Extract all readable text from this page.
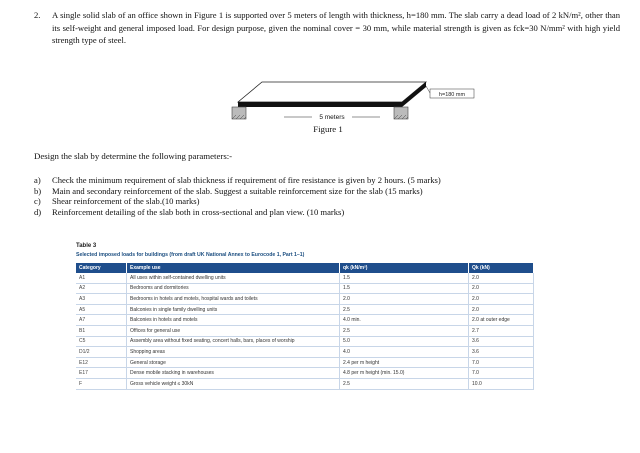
2. A single solid slab of an office shown in Figure 1 is supported over 5 meters of length with thickness, h=180 mm. The slab carry a dead load of 2 kN/m², other than its self-weight and general imposed load. For design purpose, given the nominal cover = 30 mm, while material strength is given as fck=30 N/mm² with high yield strength type of steel.
h=180 mm
5 meters
Figure 1
Design the slab by determine the following parameters:-
a) Check the minimum requirement of slab thickness if requirement of fire resistance is given by 2 hours. (5 marks)
b) Main and secondary reinforcement of the slab. Suggest a suitable reinforcement size for the slab (15 marks)
c) Shear reinforcement of the slab.(10 marks)
d) Reinforcement detailing of the slab both in cross-sectional and plan view. (10 marks)
Table 3
Selected imposed loads for buildings (from draft UK National Annex to Eurocode 1, Part 1–1)
Category	Example use	qk (kN/m²)	Qk (kN)
A1	All uses within self-contained dwelling units	1.5	2.0
A2	Bedrooms and dormitories	1.5	2.0
A3	Bedrooms in hotels and motels, hospital wards and toilets	2.0	2.0
A5	Balconies in single family dwelling units	2.5	2.0
A7	Balconies in hotels and motels	4.0 min.	2.0 at outer edge
B1	Offices for general use	2.5	2.7
C5	Assembly area without fixed seating, concert halls, bars, places of worship	5.0	3.6
D1/2	Shopping areas	4.0	3.6
E12	General storage	2.4 per m height	7.0
E17	Dense mobile stacking in warehouses	4.8 per m height (min. 15.0)	7.0
F	Gross vehicle weight ≤ 30kN	2.5	10.0
